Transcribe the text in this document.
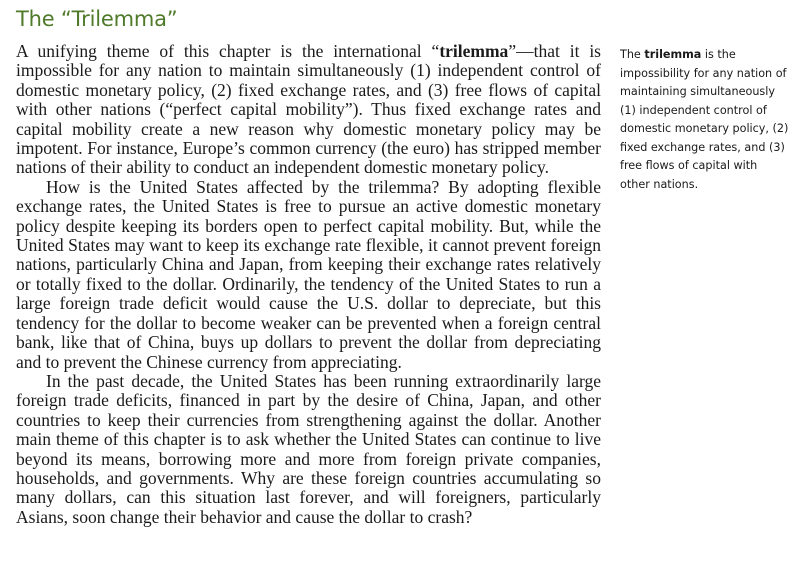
The “Trilemma”

A unifying theme of this chapter is the international “trilemma”—that it is impossible for any nation to maintain simultaneously (1) independent control of domestic monetary policy, (2) fixed exchange rates, and (3) free flows of capital with other nations (“perfect capital mobility”). Thus fixed exchange rates and capital mobility create a new reason why domestic monetary policy may be impotent. For instance, Europe’s common currency (the euro) has stripped member nations of their ability to conduct an independent domestic monetary policy.

How is the United States affected by the trilemma? By adopting flexible exchange rates, the United States is free to pursue an active domestic monetary policy despite keeping its borders open to perfect capital mobility. But, while the United States may want to keep its exchange rate flexible, it cannot prevent foreign nations, particularly China and Japan, from keeping their exchange rates relatively or totally fixed to the dollar. Ordinarily, the tendency of the United States to run a large foreign trade deficit would cause the U.S. dollar to depreciate, but this tendency for the dollar to become weaker can be prevented when a foreign central bank, like that of China, buys up dollars to prevent the dollar from depreciating and to prevent the Chinese currency from appreciating.

In the past decade, the United States has been running extraordinarily large foreign trade deficits, financed in part by the desire of China, Japan, and other countries to keep their currencies from strengthening against the dollar. Another main theme of this chapter is to ask whether the United States can continue to live beyond its means, borrowing more and more from foreign private companies, households, and governments. Why are these foreign countries accumulating so many dollars, can this situation last forever, and will foreigners, particularly Asians, soon change their behavior and cause the dollar to crash?

The trilemma is the impossibility for any nation of maintaining simultaneously (1) independent control of domestic monetary policy, (2) fixed exchange rates, and (3) free flows of capital with other nations.
